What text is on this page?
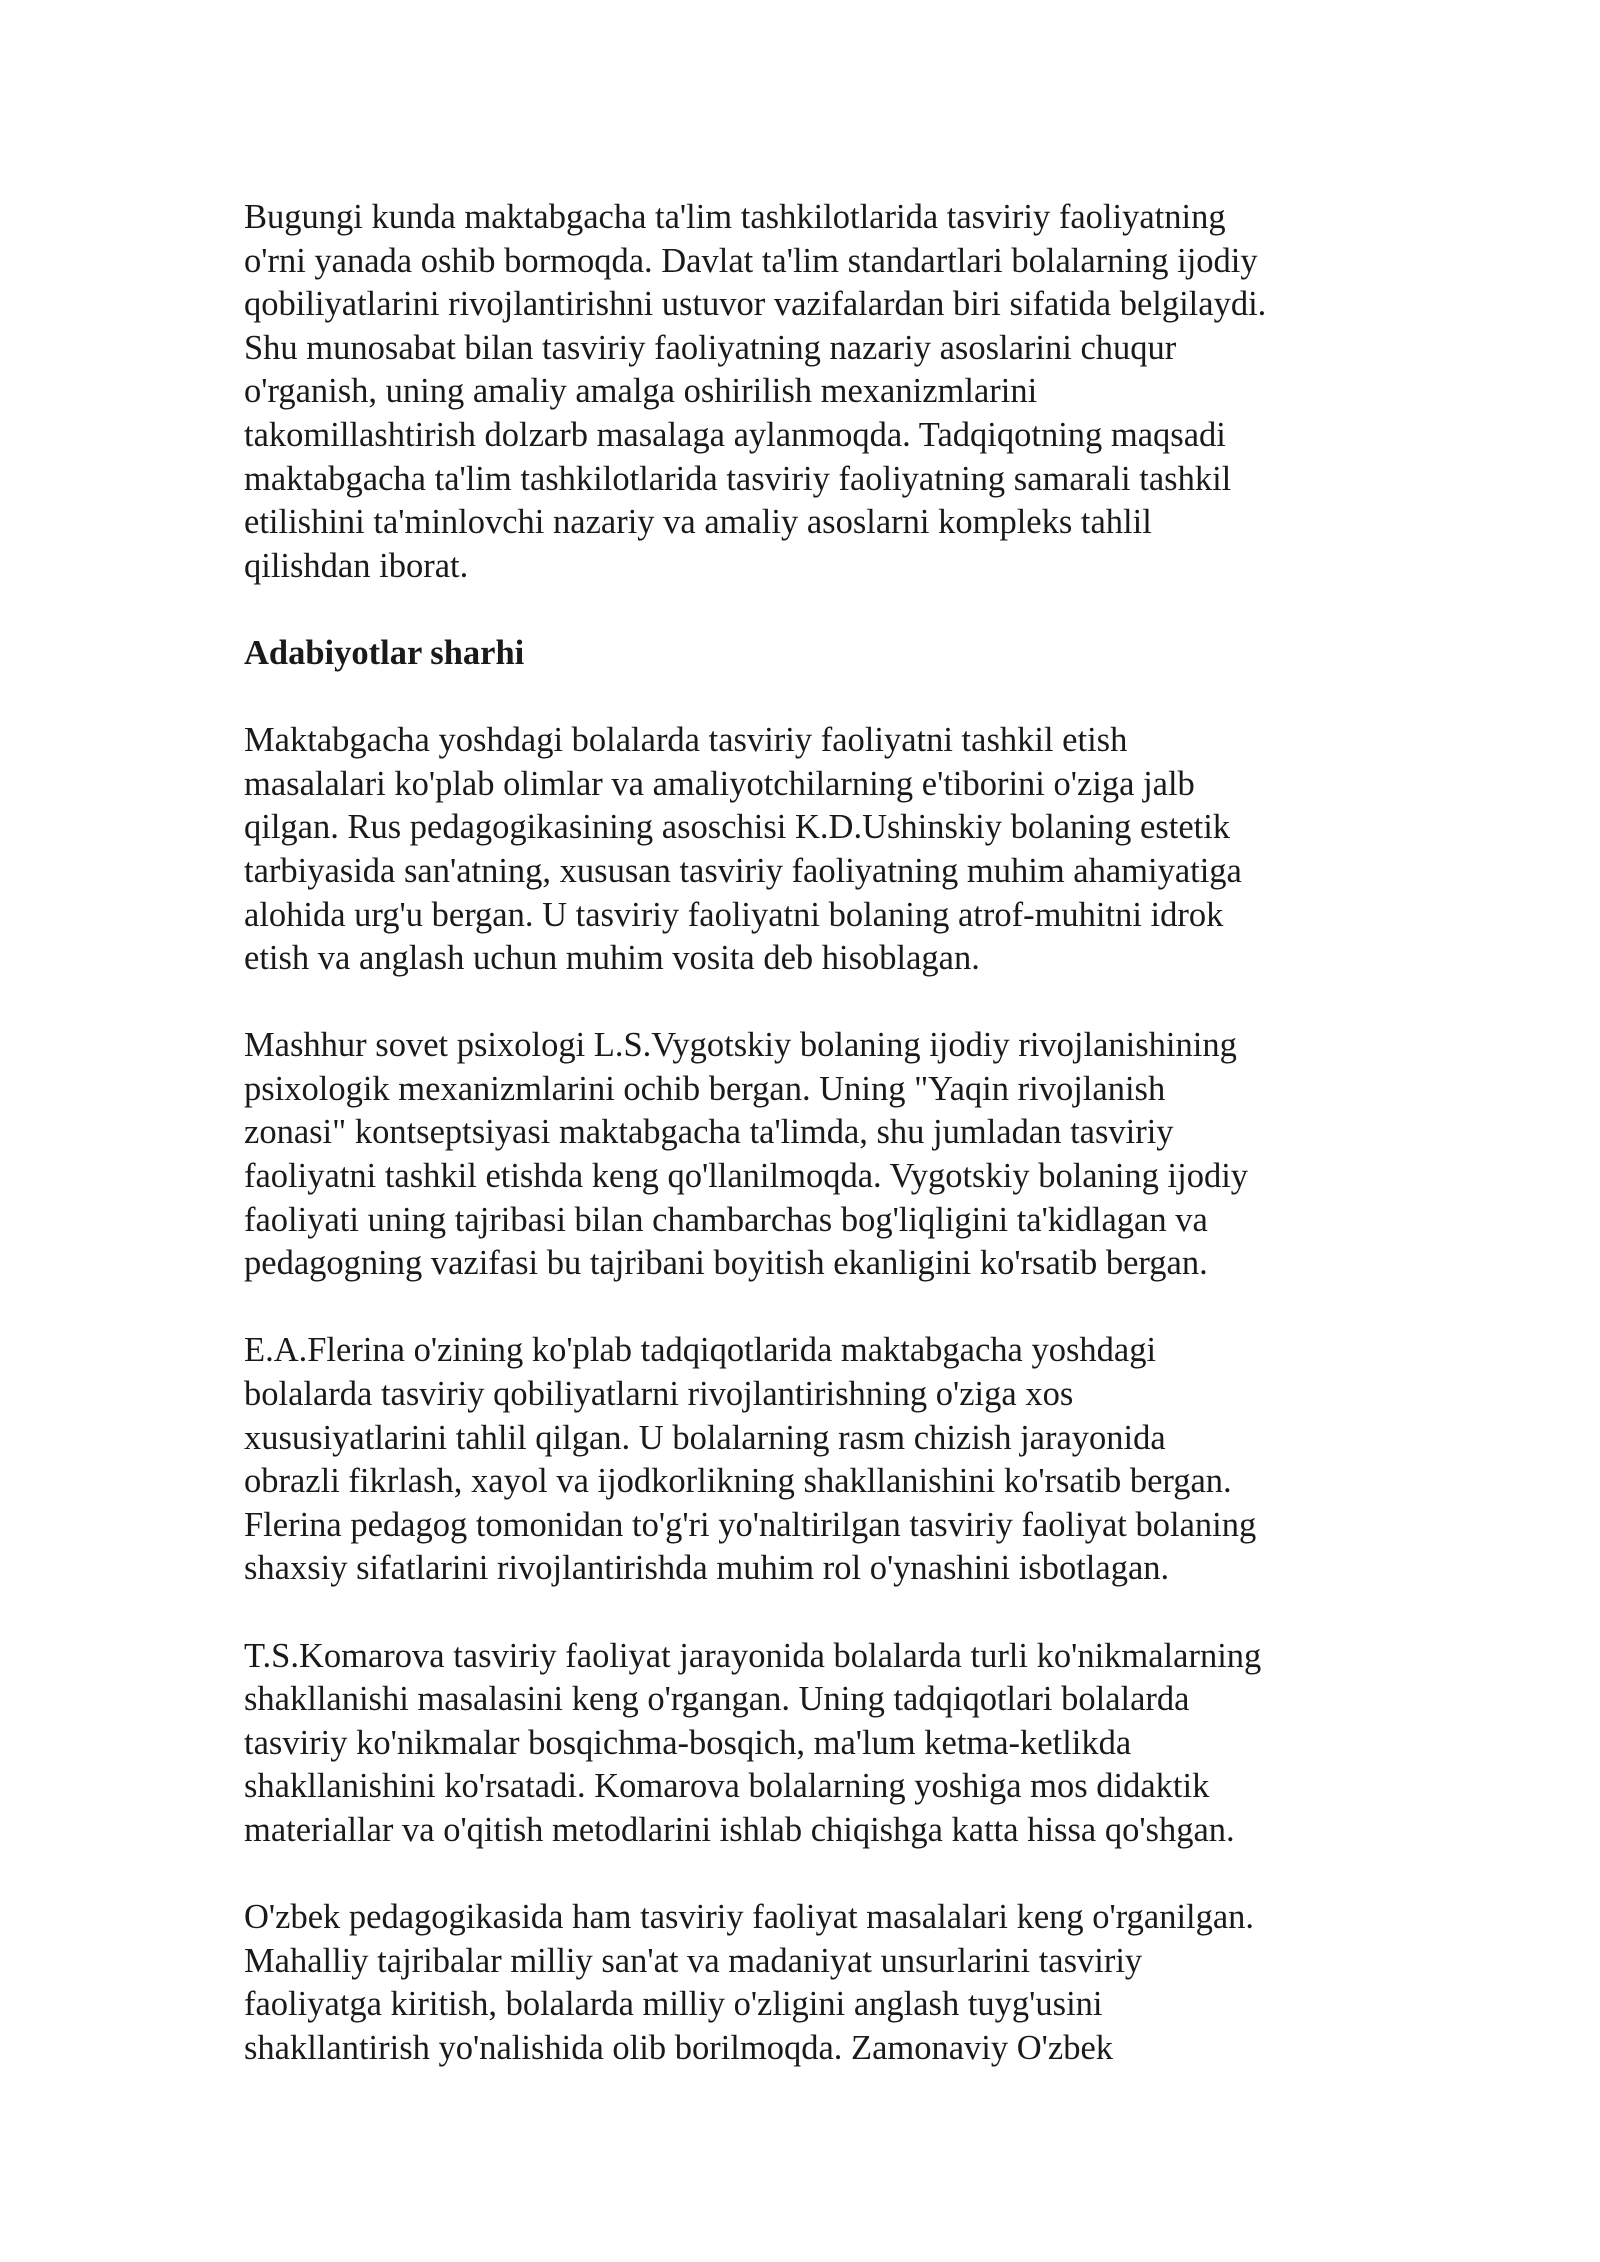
Bugungi kunda maktabgacha ta'lim tashkilotlarida tasviriy faoliyatning
o'rni yanada oshib bormoqda. Davlat ta'lim standartlari bolalarning ijodiy
qobiliyatlarini rivojlantirishni ustuvor vazifalardan biri sifatida belgilaydi.
Shu munosabat bilan tasviriy faoliyatning nazariy asoslarini chuqur
o'rganish, uning amaliy amalga oshirilish mexanizmlarini
takomillashtirish dolzarb masalaga aylanmoqda. Tadqiqotning maqsadi
maktabgacha ta'lim tashkilotlarida tasviriy faoliyatning samarali tashkil
etilishini ta'minlovchi nazariy va amaliy asoslarni kompleks tahlil
qilishdan iborat.

Adabiyotlar sharhi

Maktabgacha yoshdagi bolalarda tasviriy faoliyatni tashkil etish
masalalari ko'plab olimlar va amaliyotchilarning e'tiborini o'ziga jalb
qilgan. Rus pedagogikasining asoschisi K.D.Ushinskiy bolaning estetik
tarbiyasida san'atning, xususan tasviriy faoliyatning muhim ahamiyatiga
alohida urg'u bergan. U tasviriy faoliyatni bolaning atrof-muhitni idrok
etish va anglash uchun muhim vosita deb hisoblagan.

Mashhur sovet psixologi L.S.Vygotskiy bolaning ijodiy rivojlanishining
psixologik mexanizmlarini ochib bergan. Uning "Yaqin rivojlanish
zonasi" kontseptsiyasi maktabgacha ta'limda, shu jumladan tasviriy
faoliyatni tashkil etishda keng qo'llanilmoqda. Vygotskiy bolaning ijodiy
faoliyati uning tajribasi bilan chambarchas bog'liqligini ta'kidlagan va
pedagogning vazifasi bu tajribani boyitish ekanligini ko'rsatib bergan.

E.A.Flerina o'zining ko'plab tadqiqotlarida maktabgacha yoshdagi
bolalarda tasviriy qobiliyatlarni rivojlantirishning o'ziga xos
xususiyatlarini tahlil qilgan. U bolalarning rasm chizish jarayonida
obrazli fikrlash, xayol va ijodkorlikning shakllanishini ko'rsatib bergan.
Flerina pedagog tomonidan to'g'ri yo'naltirilgan tasviriy faoliyat bolaning
shaxsiy sifatlarini rivojlantirishda muhim rol o'ynashini isbotlagan.

T.S.Komarova tasviriy faoliyat jarayonida bolalarda turli ko'nikmalarning
shakllanishi masalasini keng o'rgangan. Uning tadqiqotlari bolalarda
tasviriy ko'nikmalar bosqichma-bosqich, ma'lum ketma-ketlikda
shakllanishini ko'rsatadi. Komarova bolalarning yoshiga mos didaktik
materiallar va o'qitish metodlarini ishlab chiqishga katta hissa qo'shgan.

O'zbek pedagogikasida ham tasviriy faoliyat masalalari keng o'rganilgan.
Mahalliy tajribalar milliy san'at va madaniyat unsurlarini tasviriy
faoliyatga kiritish, bolalarda milliy o'zligini anglash tuyg'usini
shakllantirish yo'nalishida olib borilmoqda. Zamonaviy O'zbek
